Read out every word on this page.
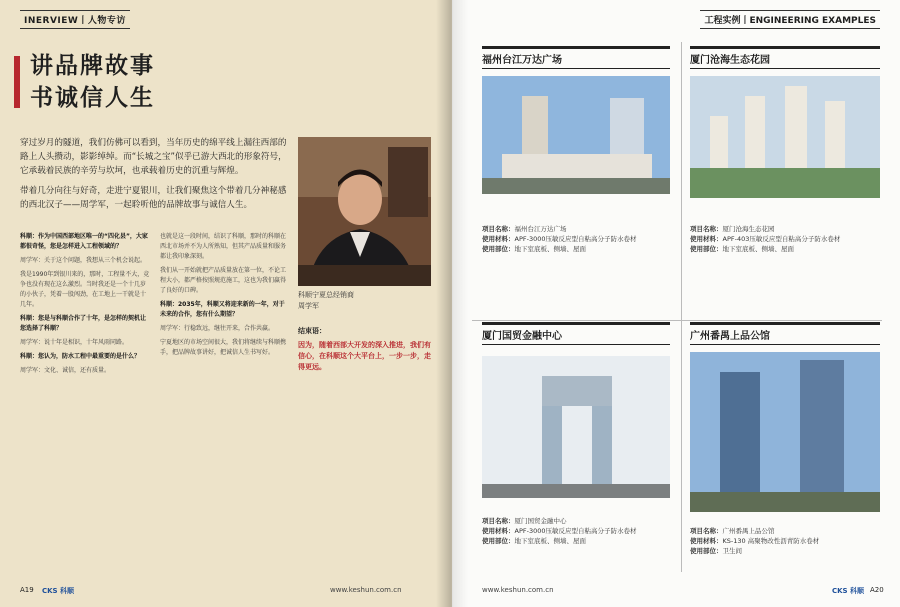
INERVIEW丨人物专访
讲品牌故事
书诚信人生

穿过岁月的隧道，我们仿佛可以看到，当年历史的绵平线上漏往西部的路上人头攒动，影影绰绰。而“长城之宝”似乎已游大西北的形象符号，它承载着民族的辛劳与坎坷，也承载着历史的沉重与辉煌。

带着几分向往与好奇，走进宁夏银川，让我们聚焦这个带着几分神秘感的西北汉子——周学军，一起聆听他的品牌故事与诚信人生。

科顺宁夏总经销商
周学军

科顺：作为中国西部地区唯一的“四化县”，大家都很奇怪，您是怎样进入工程领域的？

周学军：关于这个问题，我想从三个机会说起。

我是1990年到银川来的，那时，工程量不大，竞争也没有现在这么激烈。当时我还是一个十几岁的小伙子，凭着一股闯劲，在工地上一干就是十几年。

科顺：您是与科顺合作了十年，是怎样的契机让您选择了科顺？

周学军：说十年是相识，十年风雨同路。

科顺：您认为，防水工程中最重要的是什么？

周学军：文化、诚信，还有质量。

也就是这一段时间，结识了科顺，那时的科顺在西北市场并不为人所熟知，但其产品质量和服务都让我印象深刻。

我们从一开始就把产品质量放在第一位，不论工程大小，都严格按照规范施工，这也为我们赢得了良好的口碑。

科顺：2035年，科顺又将迎来新的一年，对于未来的合作，您有什么期望？

周学军：行稳致远，继往开来，合作共赢。

宁夏地区的市场空间很大，我们将继续与科顺携手，把品牌故事讲好，把诚信人生书写好。

结束语：
因为，随着西部大开发的深入推进，我们有信心，在科顺这个大平台上，一步一步，走得更远。
A19 CKS 科顺	www.keshun.com.cn
工程实例丨ENGINEERING EXAMPLES
福州台江万达广场
项目名称：福州台江万达广场
使用材料：APF-3000压敏反应型自粘高分子防水卷材
使用部位：地下室底板、侧墙、屋面
厦门沧海生态花园
项目名称：厦门沧海生态花园
使用材料：APF-403压敏反应型自粘高分子防水卷材
使用部位：地下室底板、侧墙、屋面
厦门国贸金融中心
项目名称：厦门国贸金融中心
使用材料：APF-3000压敏反应型自粘高分子防水卷材
使用部位：地下室底板、侧墙、屋面
广州番禺上品公馆
项目名称：广州番禺上品公馆
使用材料：KS-130 高聚物改性沥青防水卷材
使用部位：卫生间
www.keshun.com.cn	CKS 科顺 A20
